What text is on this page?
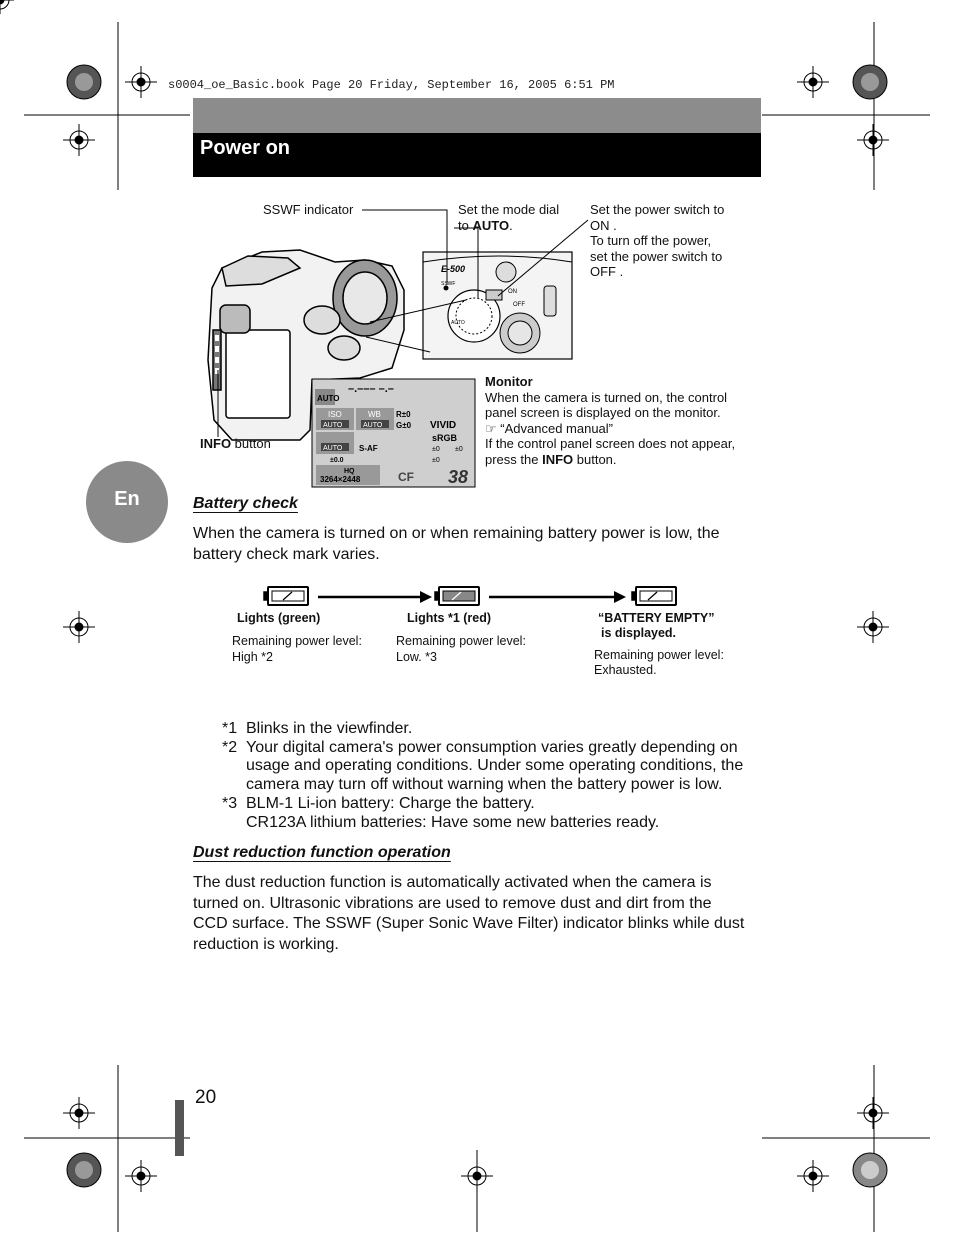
s0004_oe_Basic.book Page 20 Friday, September 16, 2005 6:51 PM
Power on
En
E-500
SSWF
ON
OFF
AUTO
AUTO
–.––– –.–
ISO
AUTO
WB
AUTO
R±0
G±0 VIVID
AUTO S-AF
sRGB
±0 ±0
±0
±0.0
HQ
3264×2448	CF 38
SSWF indicator	Set the mode dial
to AUTO.
Set the power switch to
ON .
To turn off the power,
set the power switch to
OFF .
INFO button
Monitor
When the camera is turned on, the control
panel screen is displayed on the monitor.
☞ “Advanced manual”
If the control panel screen does not appear,
press the INFO button.
Battery check
When the camera is turned on or when remaining battery power is low, the battery check mark varies.
Lights (green)	Lights *1 (red)	“BATTERY EMPTY”
is displayed.
Remaining power level:
High *2
Remaining power level:
Low. *3	Remaining power level:
Exhausted.
*1 Blinks in the viewfinder.
*2 Your digital camera's power consumption varies greatly depending on
usage and operating conditions. Under some operating conditions, the
camera may turn off without warning when the battery power is low.
*3 BLM-1 Li-ion battery: Charge the battery.
CR123A lithium batteries: Have some new batteries ready.
Dust reduction function operation
The dust reduction function is automatically activated when the camera is
turned on. Ultrasonic vibrations are used to remove dust and dirt from the
CCD surface. The SSWF (Super Sonic Wave Filter) indicator blinks while dust
reduction is working.
20
